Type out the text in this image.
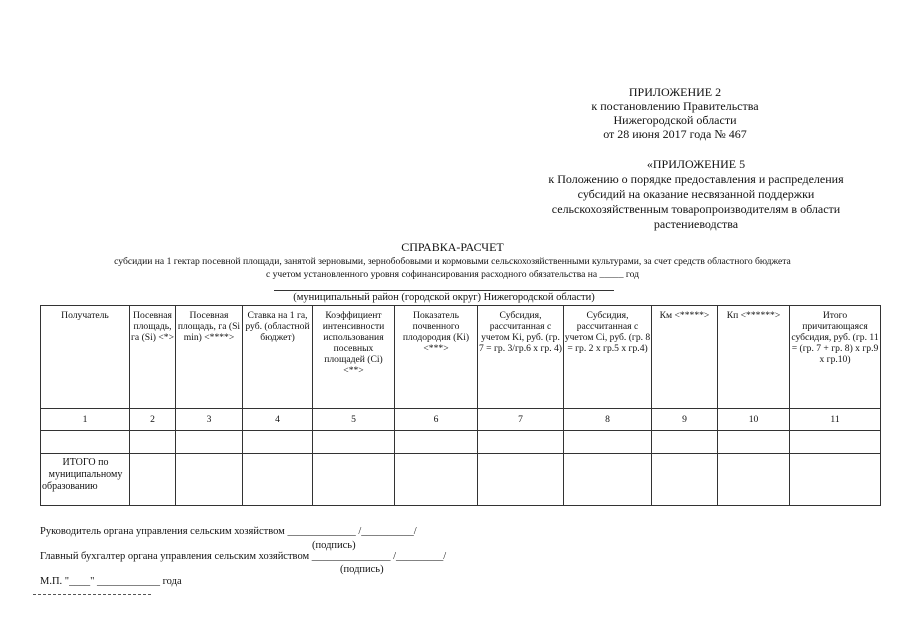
ПРИЛОЖЕНИЕ 2
к постановлению Правительства
Нижегородской области
от 28 июня 2017 года № 467
«ПРИЛОЖЕНИЕ 5
к Положению о порядке предоставления и распределения
субсидий на оказание несвязанной поддержки
сельскохозяйственным товаропроизводителям в области
растениеводства
СПРАВКА-РАСЧЕТ
субсидии на 1 гектар посевной площади, занятой зерновыми, зернобобовыми и кормовыми сельскохозяйственными культурами, за счет средств областного бюджета
с учетом установленного уровня софинансирования расходного обязательства на _____ год
(муниципальный район (городской округ) Нижегородской области)
Получатель	Посевная площадь, га (Si) <*>	Посевная площадь, га (Si min) <****>	Ставка на 1 га, руб. (областной бюджет)	Коэффициент интенсивности использования посевных площадей (Ci) <**>	Показатель почвенного плодородия (Ki) <***>	Субсидия, рассчитанная с учетом Ki, руб. (гр. 7 = гр. 3/гр.6 x гр. 4)	Субсидия, рассчитанная с учетом Ci, руб. (гр. 8 = гр. 2 x гр.5 x гр.4)	Км <*****>	Кп <******>	Итого причитающаяся субсидия, руб. (гр. 11 = (гр. 7 + гр. 8) x гр.9 x гр.10)
1	2	3	4	5	6	7	8	9	10	11

ИТОГО по муниципальному образованию										
Руководитель органа управления сельским хозяйством _____________ /__________/
(подпись)
Главный бухгалтер органа управления сельским хозяйством _______________ /_________/
(подпись)
М.П. "____" ____________ года
